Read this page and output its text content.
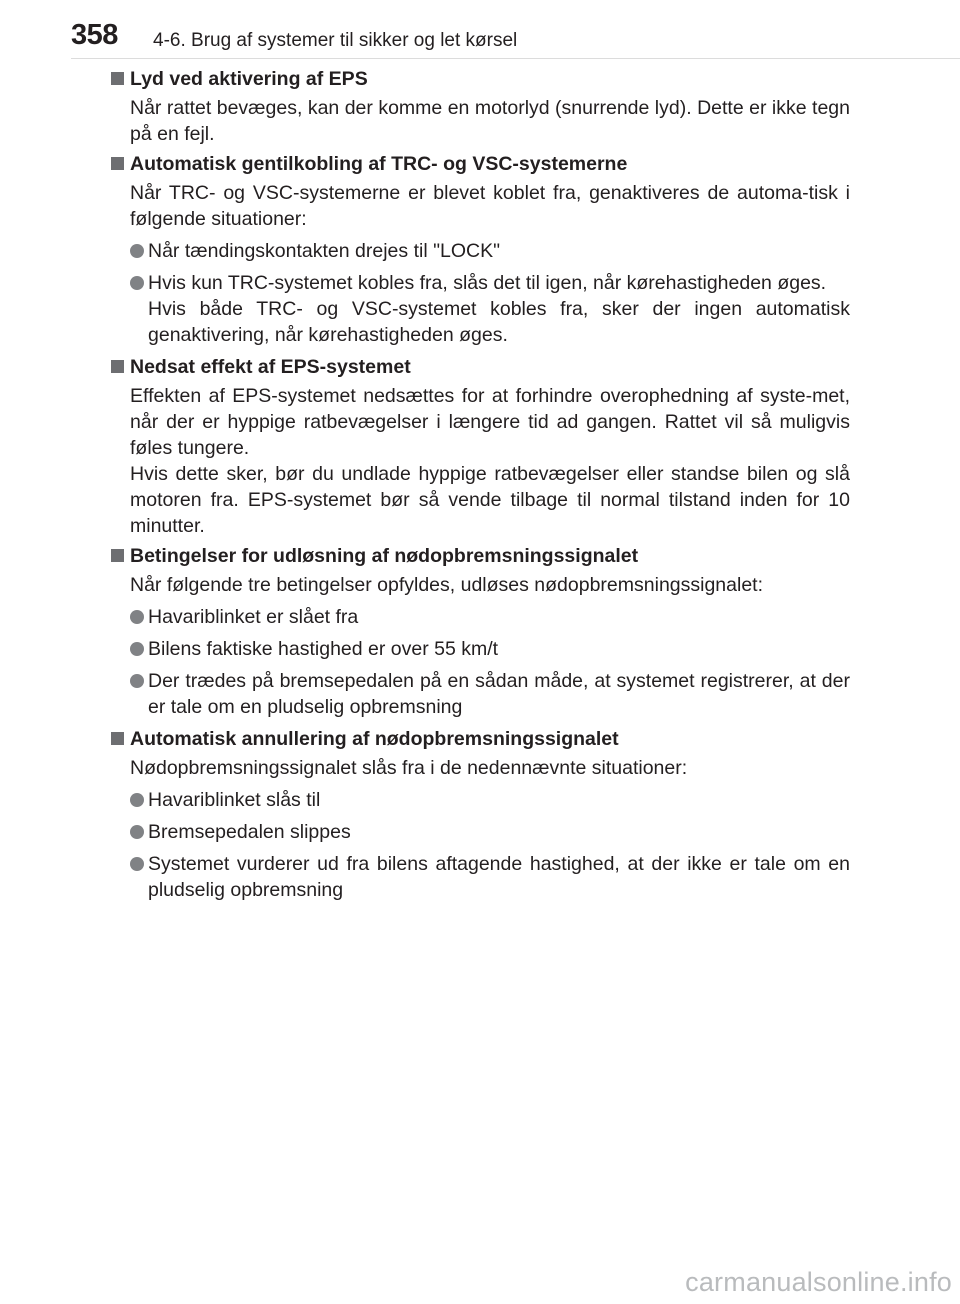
358 4-6. Brug af systemer til sikker og let kørsel
Lyd ved aktivering af EPS
Når rattet bevæges, kan der komme en motorlyd (snurrende lyd). Dette er ikke tegn på en fejl.
Automatisk gentilkobling af TRC- og VSC-systemerne
Når TRC- og VSC-systemerne er blevet koblet fra, genaktiveres de automa-tisk i følgende situationer:
Når tændingskontakten drejes til "LOCK"
Hvis kun TRC-systemet kobles fra, slås det til igen, når kørehastigheden øges.
Hvis både TRC- og VSC-systemet kobles fra, sker der ingen automatisk genaktivering, når kørehastigheden øges.
Nedsat effekt af EPS-systemet
Effekten af EPS-systemet nedsættes for at forhindre overophedning af syste-met, når der er hyppige ratbevægelser i længere tid ad gangen. Rattet vil så muligvis føles tungere.
Hvis dette sker, bør du undlade hyppige ratbevægelser eller standse bilen og slå motoren fra. EPS-systemet bør så vende tilbage til normal tilstand inden for 10 minutter.
Betingelser for udløsning af nødopbremsningssignalet
Når følgende tre betingelser opfyldes, udløses nødopbremsningssignalet:
Havariblinket er slået fra
Bilens faktiske hastighed er over 55 km/t
Der trædes på bremsepedalen på en sådan måde, at systemet registrerer, at der er tale om en pludselig opbremsning
Automatisk annullering af nødopbremsningssignalet
Nødopbremsningssignalet slås fra i de nedennævnte situationer:
Havariblinket slås til
Bremsepedalen slippes
Systemet vurderer ud fra bilens aftagende hastighed, at der ikke er tale om en pludselig opbremsning
carmanualsonline.info
